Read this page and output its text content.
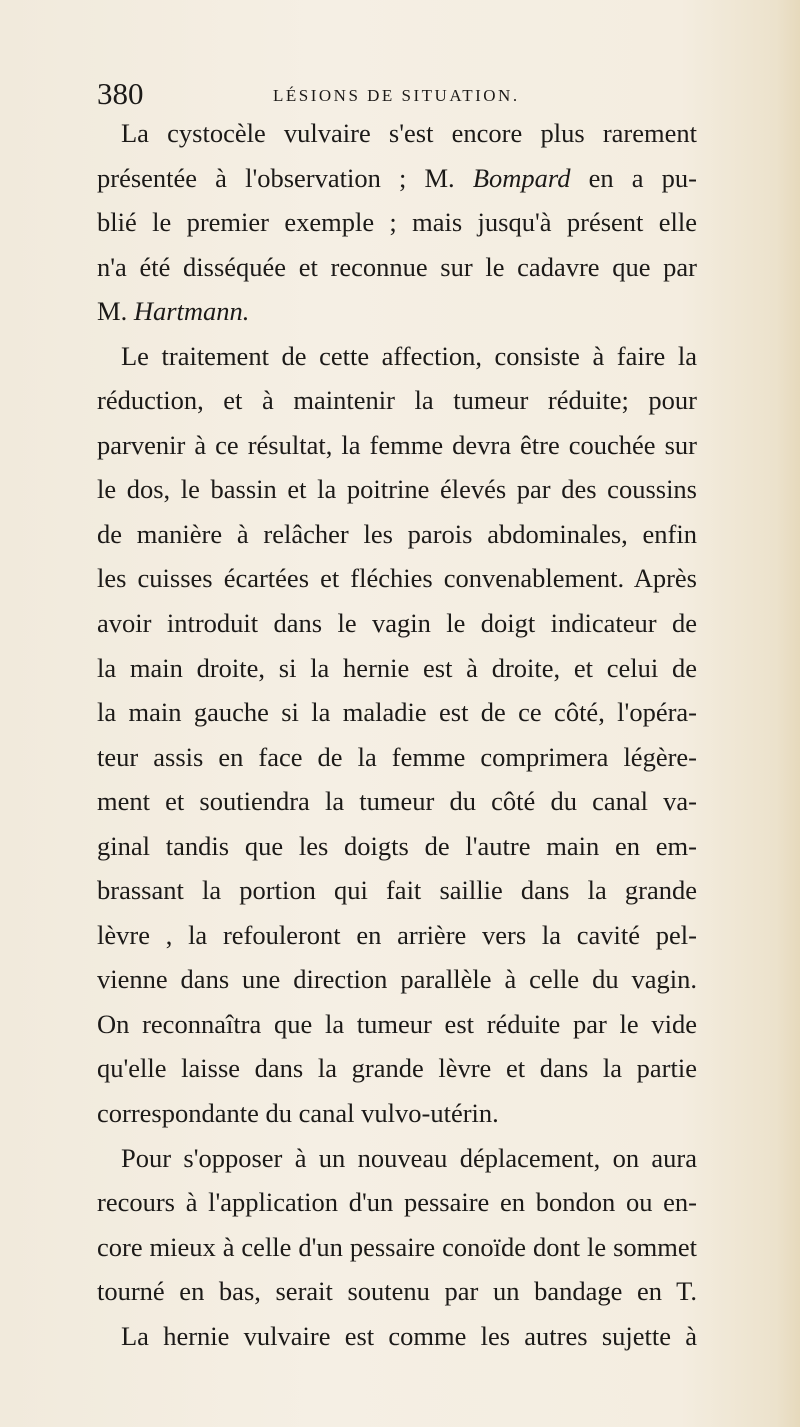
380	LÉSIONS DE SITUATION.
La cystocèle vulvaire s'est encore plus rarement
présentée à l'observation ; M. Bompard en a pu-
blié le premier exemple ; mais jusqu'à présent elle
n'a été disséquée et reconnue sur le cadavre que par
M. Hartmann.
Le traitement de cette affection, consiste à faire la
réduction, et à maintenir la tumeur réduite; pour
parvenir à ce résultat, la femme devra être couchée sur
le dos, le bassin et la poitrine élevés par des coussins
de manière à relâcher les parois abdominales, enfin
les cuisses écartées et fléchies convenablement. Après
avoir introduit dans le vagin le doigt indicateur de
la main droite, si la hernie est à droite, et celui de
la main gauche si la maladie est de ce côté, l'opéra-
teur assis en face de la femme comprimera légère-
ment et soutiendra la tumeur du côté du canal va-
ginal tandis que les doigts de l'autre main en em-
brassant la portion qui fait saillie dans la grande
lèvre , la refouleront en arrière vers la cavité pel-
vienne dans une direction parallèle à celle du vagin.
On reconnaîtra que la tumeur est réduite par le vide
qu'elle laisse dans la grande lèvre et dans la partie
correspondante du canal vulvo-utérin.
Pour s'opposer à un nouveau déplacement, on aura
recours à l'application d'un pessaire en bondon ou en-
core mieux à celle d'un pessaire conoïde dont le sommet
tourné en bas, serait soutenu par un bandage en T.
La hernie vulvaire est comme les autres sujette à
